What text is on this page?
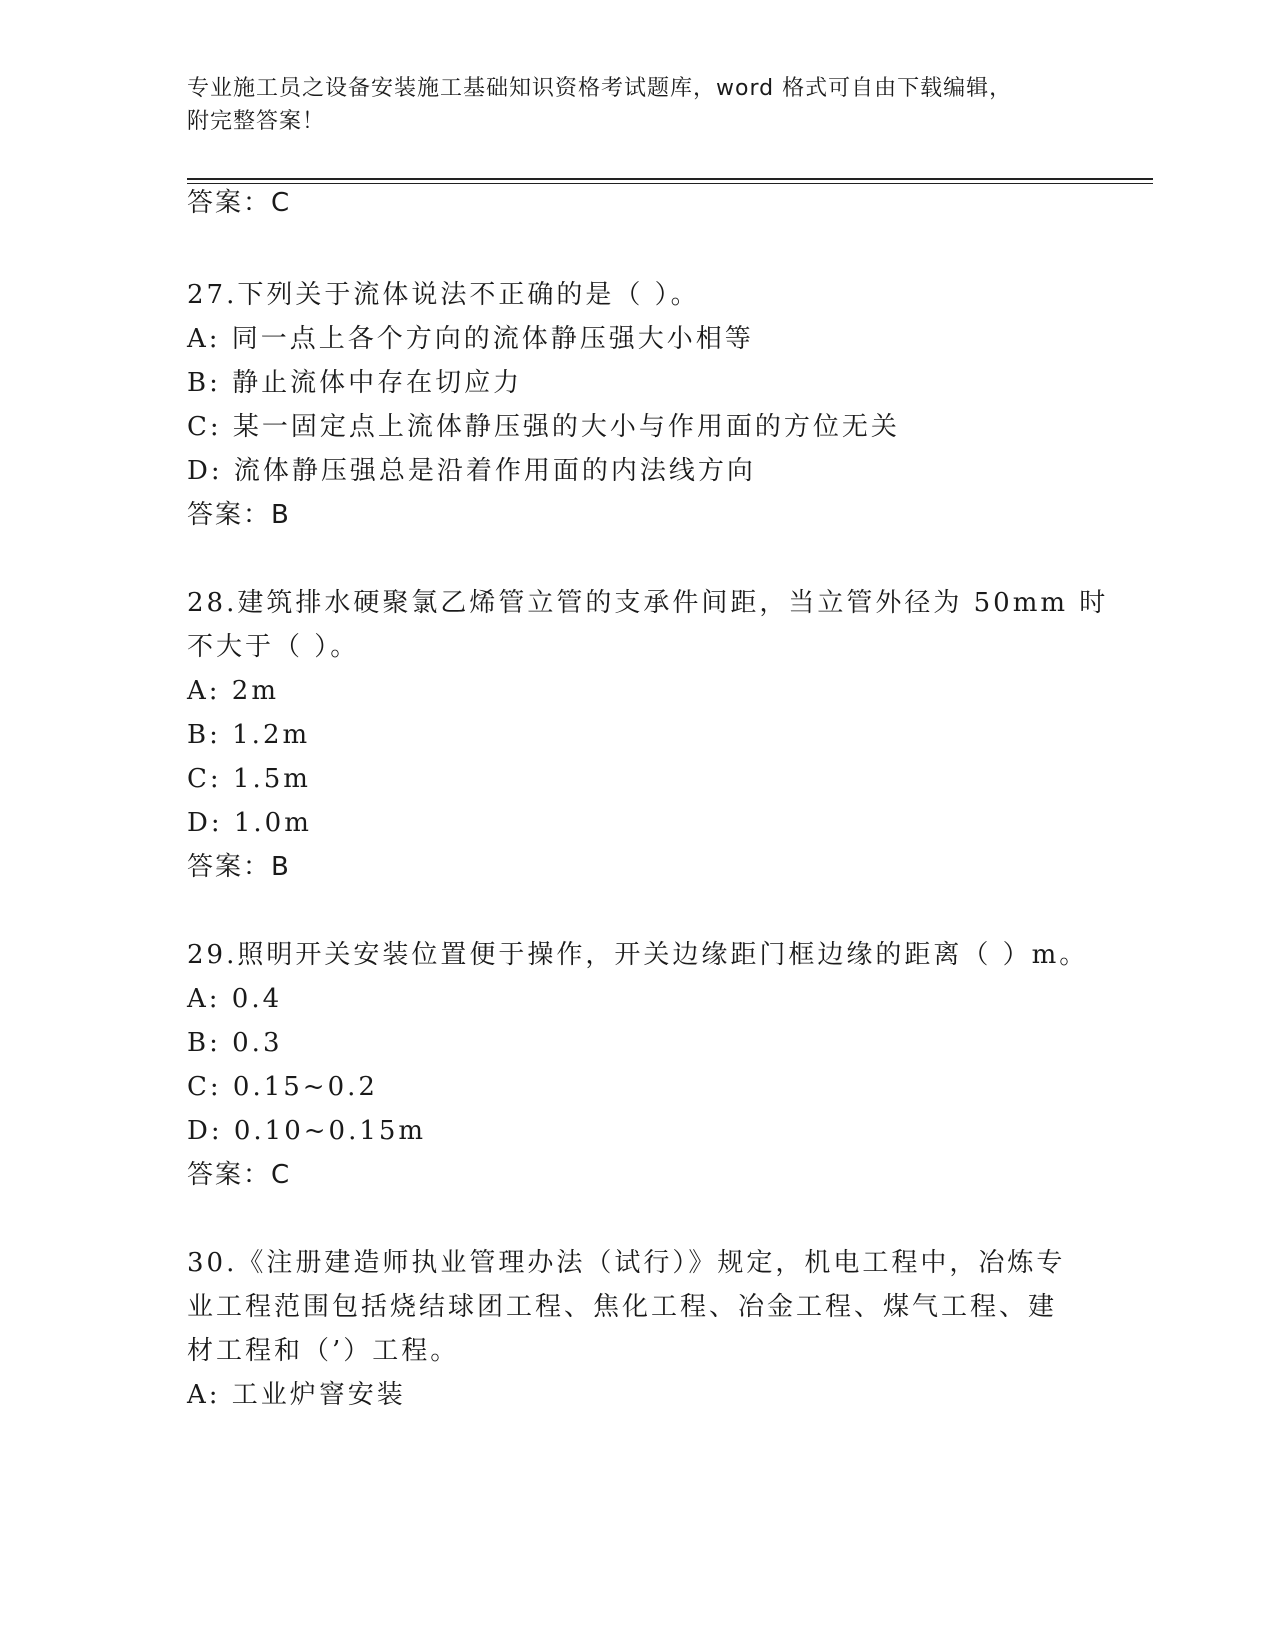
专业施工员之设备安装施工基础知识资格考试题库，word 格式可自由下载编辑，
附完整答案！
答案：C
27.下列关于流体说法不正确的是（ ）。
A: 同一点上各个方向的流体静压强大小相等
B: 静止流体中存在切应力
C: 某一固定点上流体静压强的大小与作用面的方位无关
D: 流体静压强总是沿着作用面的内法线方向
答案：B
28.建筑排水硬聚氯乙烯管立管的支承件间距，当立管外径为 50mm 时
不大于（ ）。
A: 2m
B: 1.2m
C: 1.5m
D: 1.0m
答案：B
29.照明开关安装位置便于操作，开关边缘距门框边缘的距离（ ）m。
A: 0.4
B: 0.3
C: 0.15~0.2
D: 0.10~0.15m
答案：C
30.《注册建造师执业管理办法（试行）》规定，机电工程中，冶炼专
业工程范围包括烧结球团工程、焦化工程、冶金工程、煤气工程、建
材工程和（’）工程。
A: 工业炉窨安装
